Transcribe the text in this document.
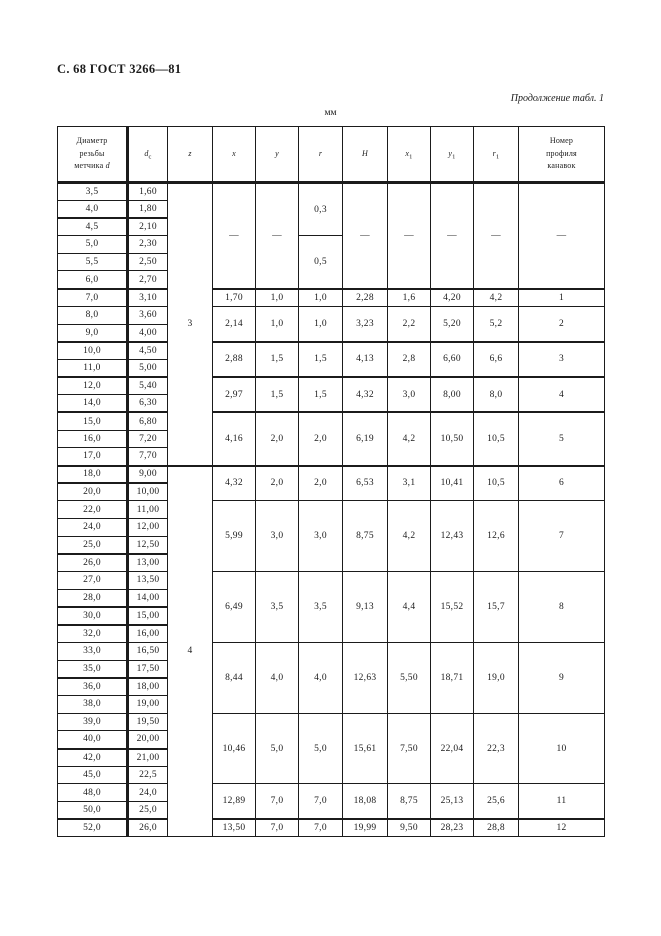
С. 68 ГОСТ 3266—81
Продолжение табл. 1
мм
Диаметр
резьбы
метчика d	$d_c$	z	x	y	r	H	$x_1$	$y_1$	$r_1$	Номер
профиля
канавок
3,5	1,60	3	—	—	0,3	—	—	—	—	—
4,0	1,80									
4,5	2,10									
5,0	2,30				0,5					
5,5	2,50									
6,0	2,70									
7,0	3,10		1,70	1,0	1,0	2,28	1,6	4,20	4,2	1
8,0	3,60		2,14	1,0	1,0	3,23	2,2	5,20	5,2	2
9,0	4,00									
10,0	4,50		2,88	1,5	1,5	4,13	2,8	6,60	6,6	3
11,0	5,00									
12,0	5,40		2,97	1,5	1,5	4,32	3,0	8,00	8,0	4
14,0	6,30									
15,0	6,80		4,16	2,0	2,0	6,19	4,2	10,50	10,5	5
16,0	7,20									
17,0	7,70									
18,0	9,00	4	4,32	2,0	2,0	6,53	3,1	10,41	10,5	6
20,0	10,00									
22,0	11,00		5,99	3,0	3,0	8,75	4,2	12,43	12,6	7
24,0	12,00									
25,0	12,50									
26,0	13,00									
27,0	13,50		6,49	3,5	3,5	9,13	4,4	15,52	15,7	8
28,0	14,00									
30,0	15,00									
32,0	16,00									
33,0	16,50		8,44	4,0	4,0	12,63	5,50	18,71	19,0	9
35,0	17,50									
36,0	18,00									
38,0	19,00									
39,0	19,50		10,46	5,0	5,0	15,61	7,50	22,04	22,3	10
40,0	20,00									
42,0	21,00									
45,0	22,5									
48,0	24,0		12,89	7,0	7,0	18,08	8,75	25,13	25,6	11
50,0	25,0									
52,0	26,0		13,50	7,0	7,0	19,99	9,50	28,23	28,8	12
